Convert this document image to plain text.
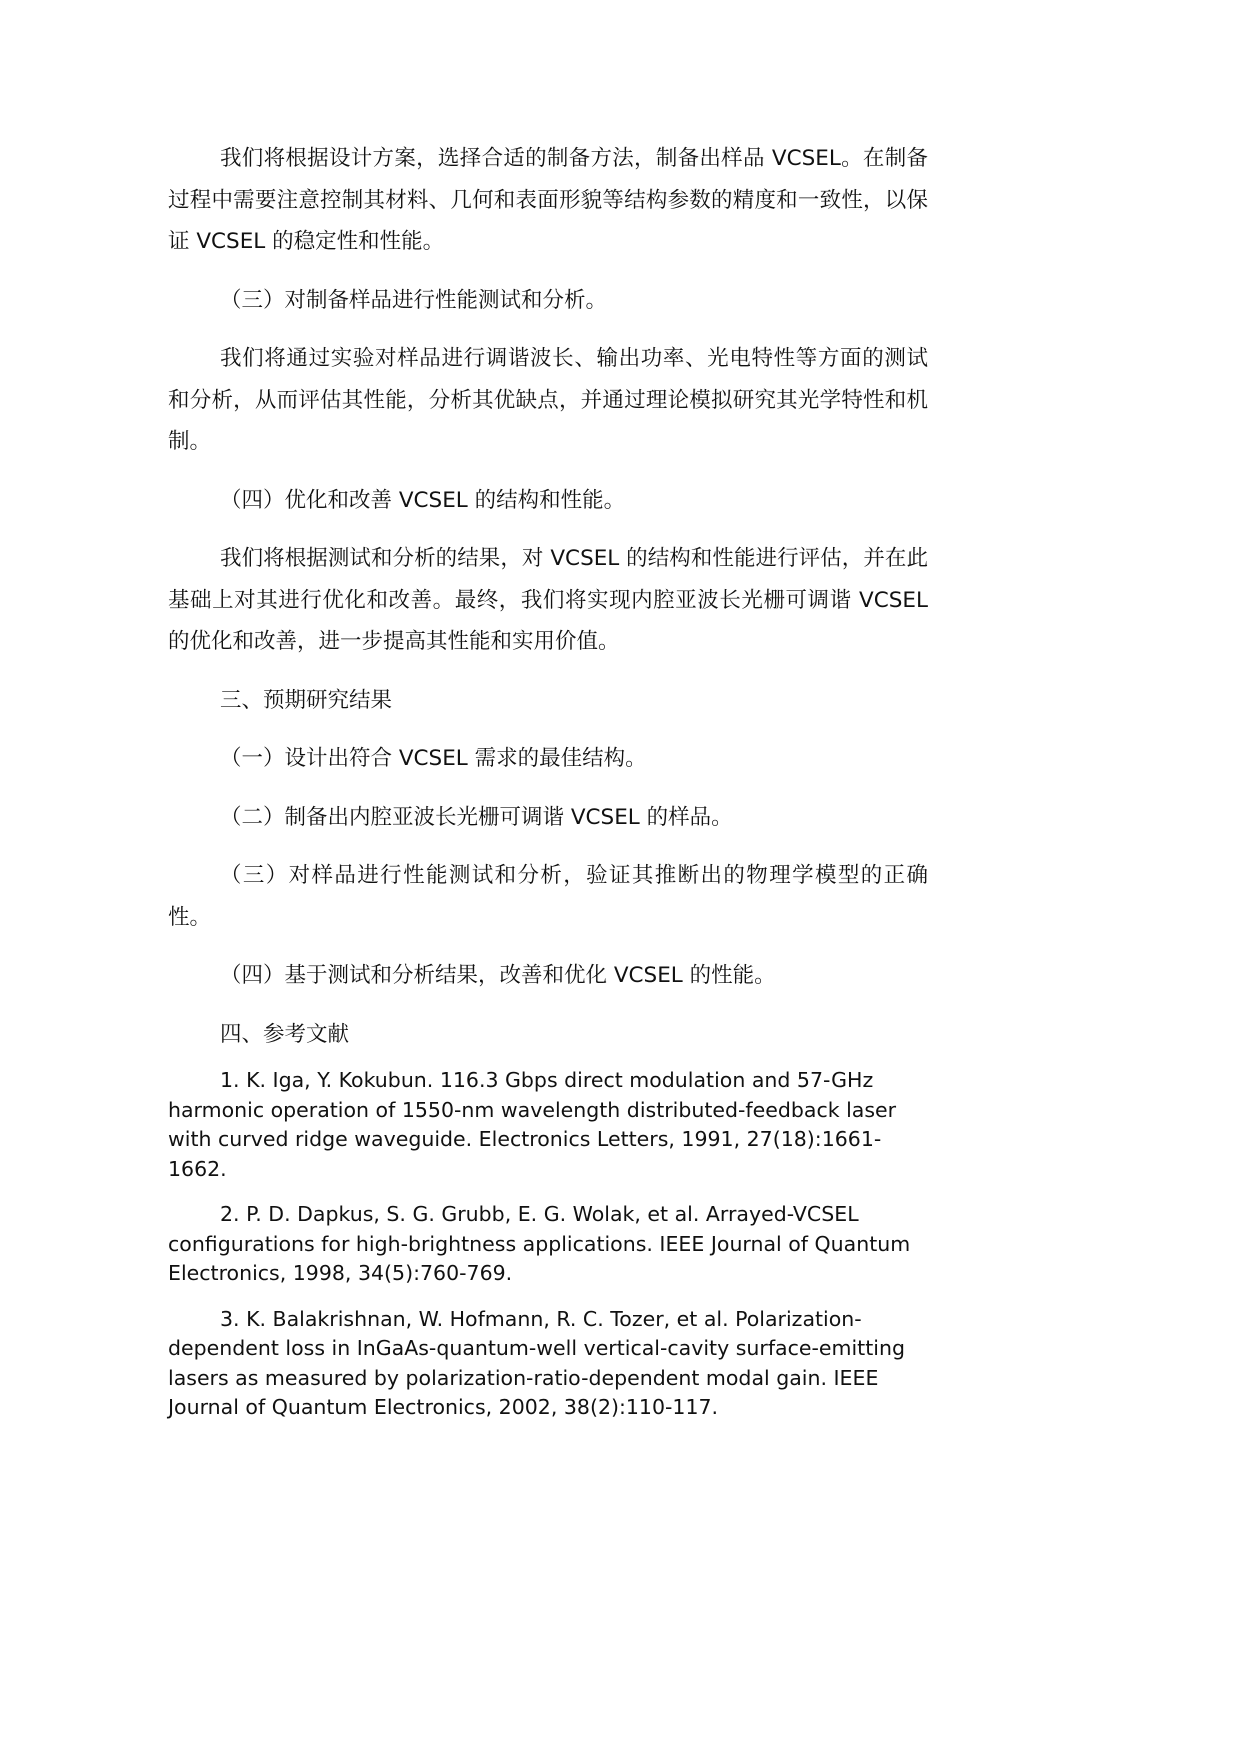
我们将根据设计方案，选择合适的制备方法，制备出样品 VCSEL。在制备过程中需要注意控制其材料、几何和表面形貌等结构参数的精度和一致性，以保证 VCSEL 的稳定性和性能。

（三）对制备样品进行性能测试和分析。

我们将通过实验对样品进行调谐波长、输出功率、光电特性等方面的测试和分析，从而评估其性能，分析其优缺点，并通过理论模拟研究其光学特性和机制。

（四）优化和改善 VCSEL 的结构和性能。

我们将根据测试和分析的结果，对 VCSEL 的结构和性能进行评估，并在此基础上对其进行优化和改善。最终，我们将实现内腔亚波长光栅可调谐 VCSEL 的优化和改善，进一步提高其性能和实用价值。

三、预期研究结果

（一）设计出符合 VCSEL 需求的最佳结构。

（二）制备出内腔亚波长光栅可调谐 VCSEL 的样品。

（三）对样品进行性能测试和分析，验证其推断出的物理学模型的正确性。

（四）基于测试和分析结果，改善和优化 VCSEL 的性能。

四、参考文献

1. K. Iga, Y. Kokubun. 116.3 Gbps direct modulation and 57-GHz harmonic operation of 1550-nm wavelength distributed-feedback laser with curved ridge waveguide. Electronics Letters, 1991, 27(18):1661-1662.

2. P. D. Dapkus, S. G. Grubb, E. G. Wolak, et al. Arrayed-VCSEL configurations for high-brightness applications. IEEE Journal of Quantum Electronics, 1998, 34(5):760-769.

3. K. Balakrishnan, W. Hofmann, R. C. Tozer, et al. Polarization-dependent loss in InGaAs-quantum-well vertical-cavity surface-emitting lasers as measured by polarization-ratio-dependent modal gain. IEEE Journal of Quantum Electronics, 2002, 38(2):110-117.
